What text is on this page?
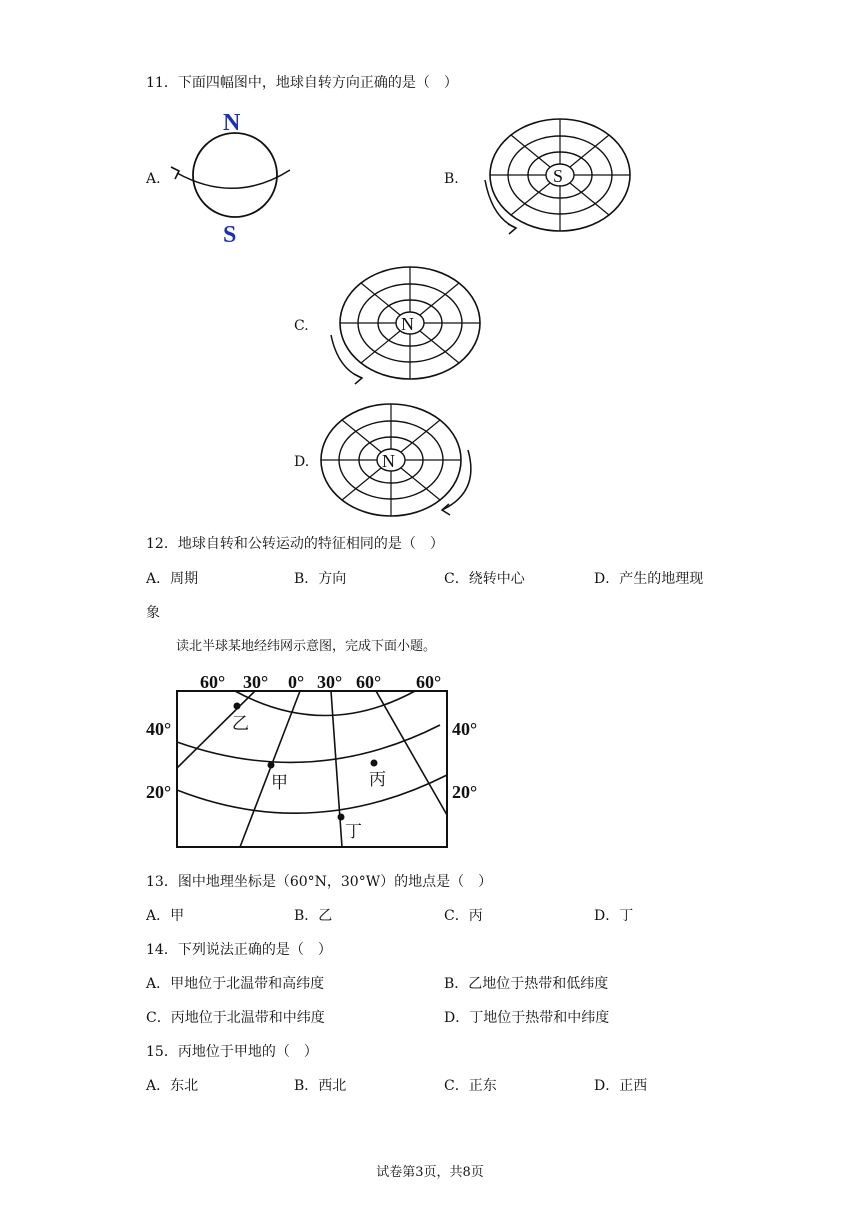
11．下面四幅图中，地球自转方向正确的是（　）
A.
N
S
B.	S
C.	N
D.	N
12．地球自转和公转运动的特征相同的是（　）
A．周期	B．方向	C．绕转中心	D．产生的地理现
象
读北半球某地经纬网示意图，完成下面小题。
60° 30° 0° 30° 60° 60°
40°
20°
40°
20°
乙
甲	丙
丁
13．图中地理坐标是（60°N，30°W）的地点是（　）
A．甲	B．乙	C．丙	D．丁
14．下列说法正确的是（　）
A．甲地位于北温带和高纬度	B．乙地位于热带和低纬度
C．丙地位于北温带和中纬度	D．丁地位于热带和中纬度
15．丙地位于甲地的（　）
A．东北	B．西北	C．正东	D．正西
试卷第3页，共8页
